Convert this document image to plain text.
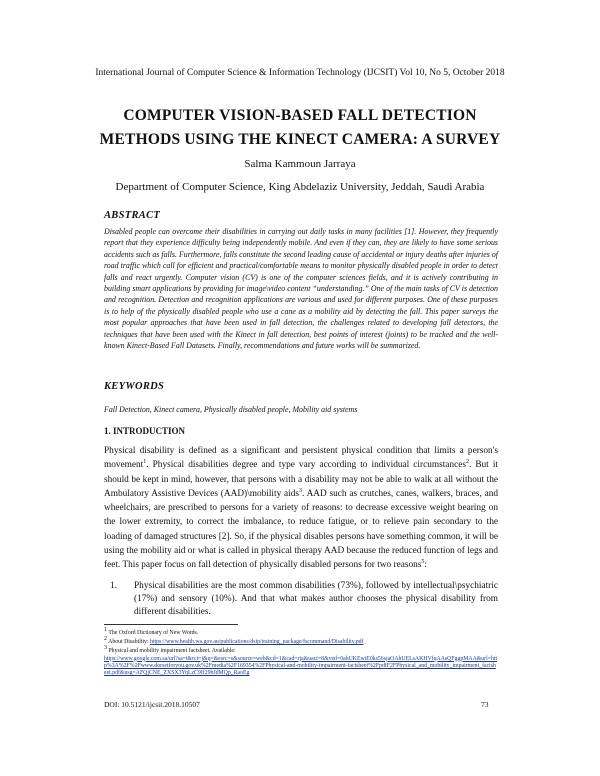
International Journal of Computer Science & Information Technology (IJCSIT) Vol 10, No 5, October 2018
COMPUTER VISION-BASED FALL DETECTION
METHODS USING THE KINECT CAMERA: A SURVEY
Salma Kammoun Jarraya
Department of Computer Science, King Abdelaziz University, Jeddah, Saudi Arabia
ABSTRACT
Disabled people can overcome their disabilities in carrying out daily tasks in many facilities [1]. However, they frequently report that they experience difficulty being independently mobile. And even if they can, they are likely to have some serious accidents such as falls. Furthermore, falls constitute the second leading cause of accidental or injury deaths after injuries of road traffic which call for efficient and practical/comfortable means to monitor physically disabled people in order to detect falls and react urgently. Computer vision (CV) is one of the computer sciences fields, and it is actively contributing in building smart applications by providing for image\video content “understanding.” One of the main tasks of CV is detection and recognition. Detection and recognition applications are various and used for different purposes. One of these purposes is to help of the physically disabled people who use a cane as a mobility aid by detecting the fall. This paper surveys the most popular approaches that have been used in fall detection, the challenges related to developing fall detectors, the techniques that have been used with the Kinect in fall detection, best points of interest (joints) to be tracked and the well-known Kinect-Based Fall Datasets. Finally, recommendations and future works will be summarized.
KEYWORDS
Fall Detection, Kinect camera, Physically disabled people, Mobility aid systems
1. INTRODUCTION
Physical disability is defined as a significant and persistent physical condition that limits a person's movement$^1$. Physical disabilities degree and type vary according to individual circumstances$^2$. But it should be kept in mind, however, that persons with a disability may not be able to walk at all without the Ambulatory Assistive Devices (AAD)\mobility aids$^3$. AAD such as crutches, canes, walkers, braces, and wheelchairs, are prescribed to persons for a variety of reasons: to decrease excessive weight bearing on the lower extremity, to correct the imbalance, to reduce fatigue, or to relieve pain secondary to the loading of damaged structures [2]. So, if the physical disables persons have something common, it will be using the mobility aid or what is called in physical therapy AAD because the reduced function of legs and feet. This paper focus on fall detection of physically disabled persons for two reasons$^5$:
1. Physical disabilities are the most common disabilities (73%), followed by intellectual\psychiatric (17%) and sensory (10%). And that what makes author chooses the physical disability from different disabilities.
$^1$ The Oxford Dictionary of New Words.
$^2$ About Disability: https://www.health.wa.gov.au/publications/dsip/training_package/fscommand/Disability.pdf
$^3$ Physical and mobility impairment factsheet. Available:
https://www.google.com.sa/url?sa=t&rct=j&q=&esrc=s&source=web&cd=1&cad=rja&uact=8&ved=0ahUKEwiE0ks56sjaOAhUELsAKHVfqAAsQFggpMAA&url=http%3A%2F%2Fwww.dorsetforyou.gov.uk%2Fmedia%2F169354%2FPhysical-and-mobility-impairment-factsheet%2FpdfF2FPhysical_and_mobility_impairment_factsheet.pdf&usg=AFQjCNE_ZXSX3YqLzC9If29bJdMQp_RaoEg
DOI: 10.5121/ijcsit.2018.10507	73
